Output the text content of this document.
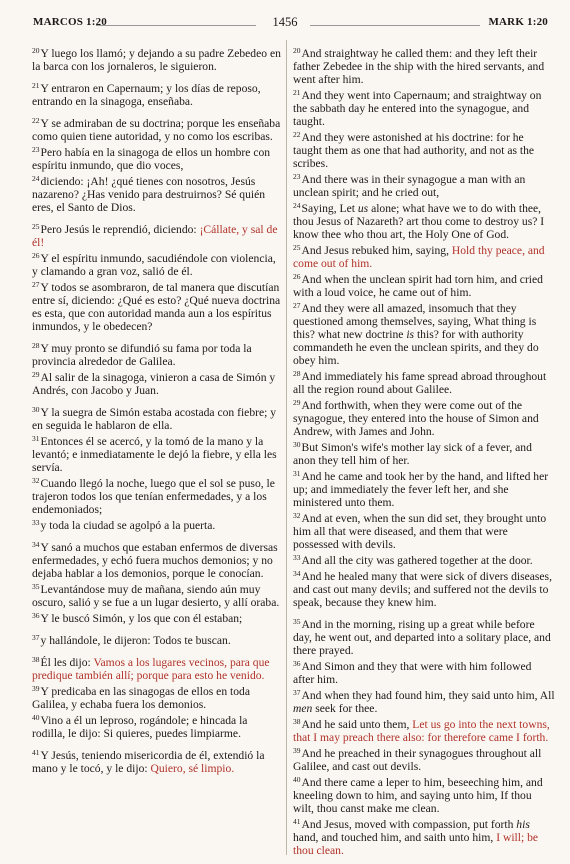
MARCOS 1:20	1456	MARK 1:20

$^{20}$Y luego los llamó; y dejando a su padre Zebedeo en la barca con los jornaleros, le siguieron.

$^{21}$Y entraron en Capernaum; y los días de reposo, entrando en la sinagoga, enseñaba.

$^{22}$Y se admiraban de su doctrina; porque les enseñaba como quien tiene autoridad, y no como los escribas.

$^{23}$Pero había en la sinagoga de ellos un hombre con espíritu inmundo, que dio voces,

$^{24}$diciendo: ¡Ah! ¿qué tienes con nosotros, Jesús nazareno? ¿Has venido para destruirnos? Sé quién eres, el Santo de Dios.

$^{25}$Pero Jesús le reprendió, diciendo: ¡Cállate, y sal de él!

$^{26}$Y el espíritu inmundo, sacudiéndole con violencia, y clamando a gran voz, salió de él.

$^{27}$Y todos se asombraron, de tal manera que discutían entre sí, diciendo: ¿Qué es esto? ¿Qué nueva doctrina es esta, que con autoridad manda aun a los espíritus inmundos, y le obedecen?

$^{28}$Y muy pronto se difundió su fama por toda la provincia alrededor de Galilea.

$^{29}$Al salir de la sinagoga, vinieron a casa de Simón y Andrés, con Jacobo y Juan.

$^{30}$Y la suegra de Simón estaba acostada con fiebre; y en seguida le hablaron de ella.

$^{31}$Entonces él se acercó, y la tomó de la mano y la levantó; e inmediatamente le dejó la fiebre, y ella les servía.

$^{32}$Cuando llegó la noche, luego que el sol se puso, le trajeron todos los que tenían enfermedades, y a los endemoniados;

$^{33}$y toda la ciudad se agolpó a la puerta.

$^{34}$Y sanó a muchos que estaban enfermos de diversas enfermedades, y echó fuera muchos demonios; y no dejaba hablar a los demonios, porque le conocían.

$^{35}$Levantándose muy de mañana, siendo aún muy oscuro, salió y se fue a un lugar desierto, y allí oraba.

$^{36}$Y le buscó Simón, y los que con él estaban;

$^{37}$y hallándole, le dijeron: Todos te buscan.

$^{38}$Él les dijo: Vamos a los lugares vecinos, para que predique también allí; porque para esto he venido.

$^{39}$Y predicaba en las sinagogas de ellos en toda Galilea, y echaba fuera los demonios.

$^{40}$Vino a él un leproso, rogándole; e hincada la rodilla, le dijo: Si quieres, puedes limpiarme.

$^{41}$Y Jesús, teniendo misericordia de él, extendió la mano y le tocó, y le dijo: Quiero, sé limpio.

$^{20}$And straightway he called them: and they left their father Zebedee in the ship with the hired servants, and went after him.

$^{21}$And they went into Capernaum; and straightway on the sabbath day he entered into the synagogue, and taught.

$^{22}$And they were astonished at his doctrine: for he taught them as one that had authority, and not as the scribes.

$^{23}$And there was in their synagogue a man with an unclean spirit; and he cried out,

$^{24}$Saying, Let us alone; what have we to do with thee, thou Jesus of Nazareth? art thou come to destroy us? I know thee who thou art, the Holy One of God.

$^{25}$And Jesus rebuked him, saying, Hold thy peace, and come out of him.

$^{26}$And when the unclean spirit had torn him, and cried with a loud voice, he came out of him.

$^{27}$And they were all amazed, insomuch that they questioned among themselves, saying, What thing is this? what new doctrine is this? for with authority commandeth he even the unclean spirits, and they do obey him.

$^{28}$And immediately his fame spread abroad throughout all the region round about Galilee.

$^{29}$And forthwith, when they were come out of the synagogue, they entered into the house of Simon and Andrew, with James and John.

$^{30}$But Simon's wife's mother lay sick of a fever, and anon they tell him of her.

$^{31}$And he came and took her by the hand, and lifted her up; and immediately the fever left her, and she ministered unto them.

$^{32}$And at even, when the sun did set, they brought unto him all that were diseased, and them that were possessed with devils.

$^{33}$And all the city was gathered together at the door.

$^{34}$And he healed many that were sick of divers diseases, and cast out many devils; and suffered not the devils to speak, because they knew him.

$^{35}$And in the morning, rising up a great while before day, he went out, and departed into a solitary place, and there prayed.

$^{36}$And Simon and they that were with him followed after him.

$^{37}$And when they had found him, they said unto him, All men seek for thee.

$^{38}$And he said unto them, Let us go into the next towns, that I may preach there also: for therefore came I forth.

$^{39}$And he preached in their synagogues throughout all Galilee, and cast out devils.

$^{40}$And there came a leper to him, beseeching him, and kneeling down to him, and saying unto him, If thou wilt, thou canst make me clean.

$^{41}$And Jesus, moved with compassion, put forth his hand, and touched him, and saith unto him, I will; be thou clean.
